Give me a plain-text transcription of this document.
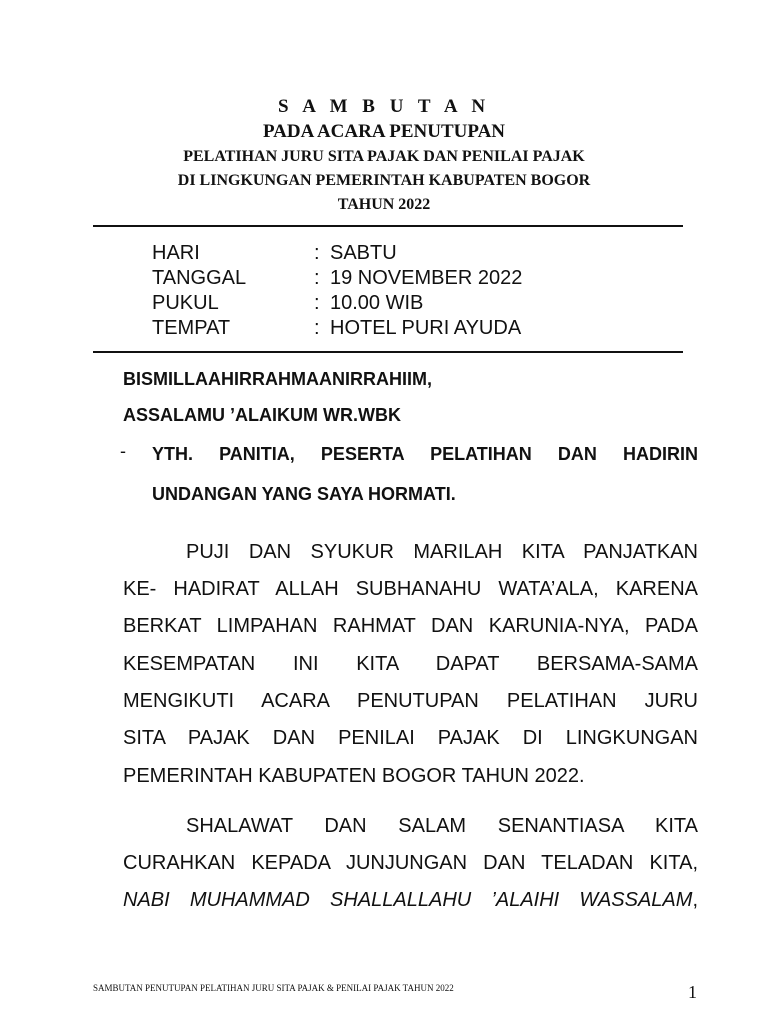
S A M B U T A N
PADA ACARA PENUTUPAN
PELATIHAN JURU SITA PAJAK DAN PENILAI PAJAK
DI LINGKUNGAN PEMERINTAH KABUPATEN BOGOR
TAHUN 2022
HARI	: SABTU
TANGGAL	: 19 NOVEMBER 2022
PUKUL	: 10.00 WIB
TEMPAT	: HOTEL PURI AYUDA
BISMILLAAHIRRAHMAANIRRAHIIM,
ASSALAMU ’ALAIKUM WR.WBK
- YTH. PANITIA, PESERTA PELATIHAN DAN HADIRIN
UNDANGAN YANG SAYA HORMATI.
PUJI DAN SYUKUR MARILAH KITA PANJATKAN
KE- HADIRAT ALLAH SUBHANAHU WATA’ALA, KARENA
BERKAT LIMPAHAN RAHMAT DAN KARUNIA-NYA, PADA
KESEMPATAN INI KITA DAPAT BERSAMA-SAMA
MENGIKUTI ACARA PENUTUPAN PELATIHAN JURU
SITA PAJAK DAN PENILAI PAJAK DI LINGKUNGAN
PEMERINTAH KABUPATEN BOGOR TAHUN 2022.
SHALAWAT DAN SALAM SENANTIASA KITA
CURAHKAN KEPADA JUNJUNGAN DAN TELADAN KITA,
NABI MUHAMMAD SHALLALLAHU ’ALAIHI WASSALAM,
SAMBUTAN PENUTUPAN PELATIHAN JURU SITA PAJAK & PENILAI PAJAK TAHUN 2022	1
